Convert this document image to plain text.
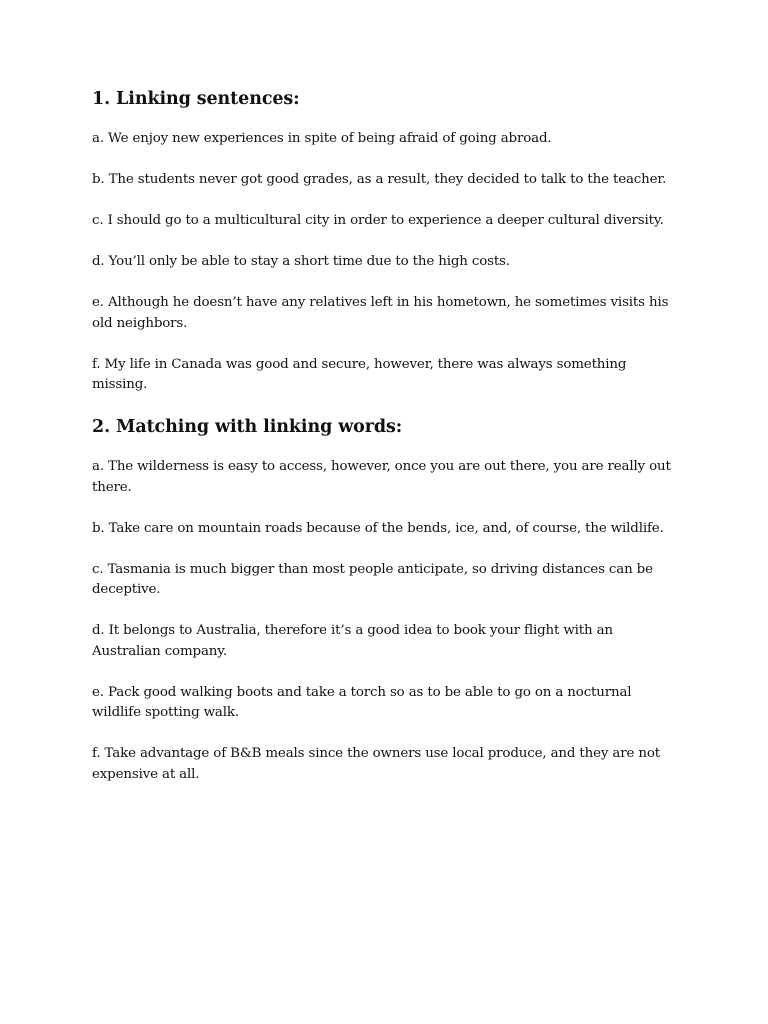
1. Linking sentences:

a. We enjoy new experiences in spite of being afraid of going abroad.

b. The students never got good grades, as a result, they decided to talk to the teacher.

c. I should go to a multicultural city in order to experience a deeper cultural diversity.

d. You’ll only be able to stay a short time due to the high costs.

e. Although he doesn’t have any relatives left in his hometown, he sometimes visits his old neighbors.

f. My life in Canada was good and secure, however, there was always something missing.

2. Matching with linking words:

a. The wilderness is easy to access, however, once you are out there, you are really out there.

b. Take care on mountain roads because of the bends, ice, and, of course, the wildlife.

c. Tasmania is much bigger than most people anticipate, so driving distances can be deceptive.

d. It belongs to Australia, therefore it’s a good idea to book your flight with an Australian company.

e. Pack good walking boots and take a torch so as to be able to go on a nocturnal wildlife spotting walk.

f. Take advantage of B&B meals since the owners use local produce, and they are not expensive at all.
